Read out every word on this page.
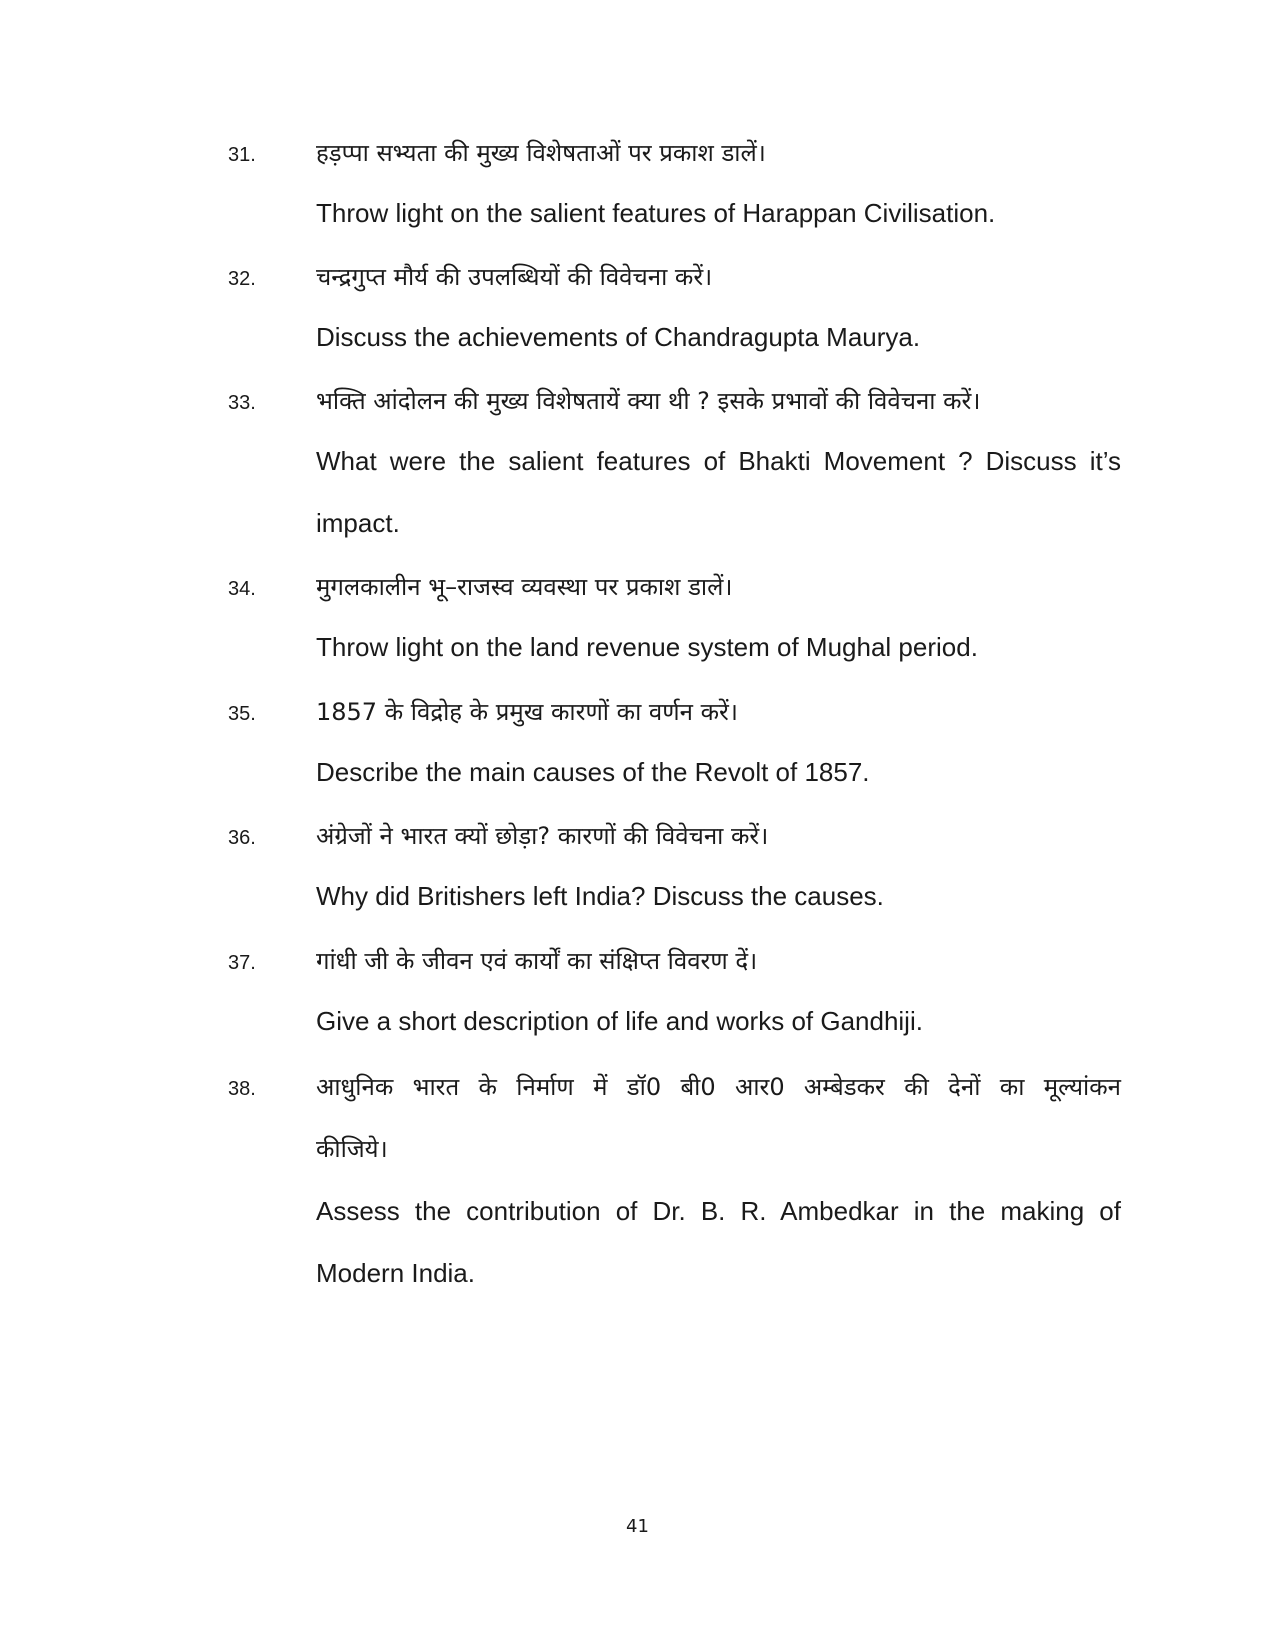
31.	हड़प्पा सभ्यता की मुख्य विशेषताओं पर प्रकाश डालें।
Throw light on the salient features of Harappan Civilisation.
32.	चन्द्रगुप्त मौर्य की उपलब्धियों की विवेचना करें।
Discuss the achievements of Chandragupta Maurya.
33.	भक्ति आंदोलन की मुख्य विशेषतायें क्या थी ? इसके प्रभावों की विवेचना करें।
What were the salient features of Bhakti Movement ? Discuss it’s
impact.
34.	मुगलकालीन भू–राजस्व व्यवस्था पर प्रकाश डालें।
Throw light on the land revenue system of Mughal period.
35.	1857 के विद्रोह के प्रमुख कारणों का वर्णन करें।
Describe the main causes of the Revolt of 1857.
36.	अंग्रेजों ने भारत क्यों छोड़ा? कारणों की विवेचना करें।
Why did Britishers left India? Discuss the causes.
37.	गांधी जी के जीवन एवं कार्यों का संक्षिप्त विवरण दें।
Give a short description of life and works of Gandhiji.
38.	आधुनिक भारत के निर्माण में डॉ0 बी0 आर0 अम्बेडकर की देनों का मूल्यांकन
कीजिये।
Assess the contribution of Dr. B. R. Ambedkar in the making of
Modern India.
41
